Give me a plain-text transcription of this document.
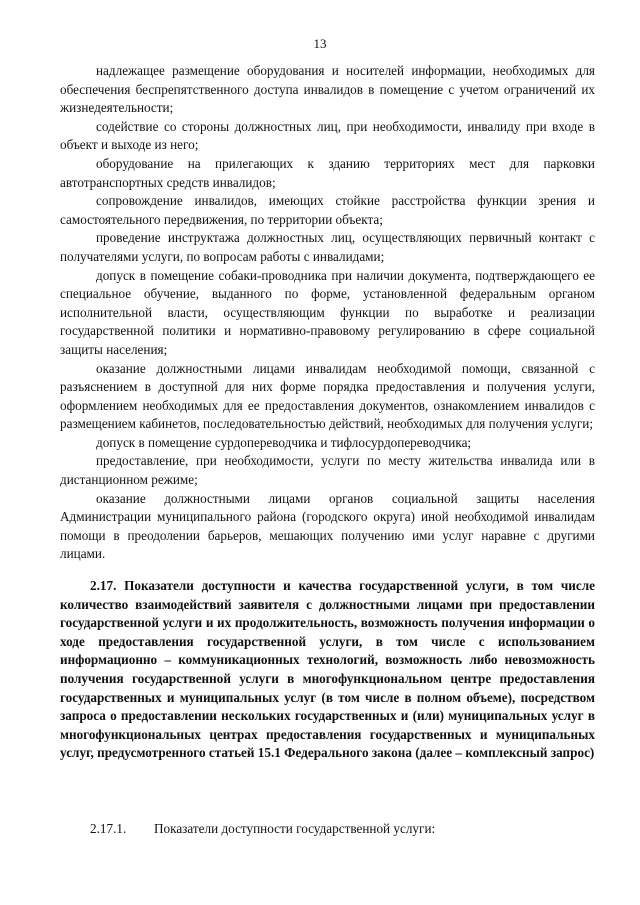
13

надлежащее размещение оборудования и носителей информации, необходимых для обеспечения беспрепятственного доступа инвалидов в помещение с учетом ограничений их жизнедеятельности;

содействие со стороны должностных лиц, при необходимости, инвалиду при входе в объект и выходе из него;

оборудование на прилегающих к зданию территориях мест для парковки автотранспортных средств инвалидов;

сопровождение инвалидов, имеющих стойкие расстройства функции зрения и самостоятельного передвижения, по территории объекта;

проведение инструктажа должностных лиц, осуществляющих первичный контакт с получателями услуги, по вопросам работы с инвалидами;

допуск в помещение собаки-проводника при наличии документа, подтверждающего ее специальное обучение, выданного по форме, установленной федеральным органом исполнительной власти, осуществляющим функции по выработке и реализации государственной политики и нормативно-правовому регулированию в сфере социальной защиты населения;

оказание должностными лицами инвалидам необходимой помощи, связанной с разъяснением в доступной для них форме порядка предоставления и получения услуги, оформлением необходимых для ее предоставления документов, ознакомлением инвалидов с размещением кабинетов, последовательностью действий, необходимых для получения услуги;

допуск в помещение сурдопереводчика и тифлосурдопереводчика;

предоставление, при необходимости, услуги по месту жительства инвалида или в дистанционном режиме;

оказание должностными лицами органов социальной защиты населения Администрации муниципального района (городского округа) иной необходимой инвалидам помощи в преодолении барьеров, мешающих получению ими услуг наравне с другими лицами.

2.17. Показатели доступности и качества государственной услуги, в том числе количество взаимодействий заявителя с должностными лицами при предоставлении государственной услуги и их продолжительность, возможность получения информации о ходе предоставления государственной услуги, в том числе с использованием информационно – коммуникационных технологий, возможность либо невозможность получения государственной услуги в многофункциональном центре предоставления государственных и муниципальных услуг (в том числе в полном объеме), посредством запроса о предоставлении нескольких государственных и (или) муниципальных услуг в многофункциональных центрах предоставления государственных и муниципальных услуг, предусмотренного статьей 15.1 Федерального закона (далее – комплексный запрос)

2.17.1. Показатели доступности государственной услуги:
